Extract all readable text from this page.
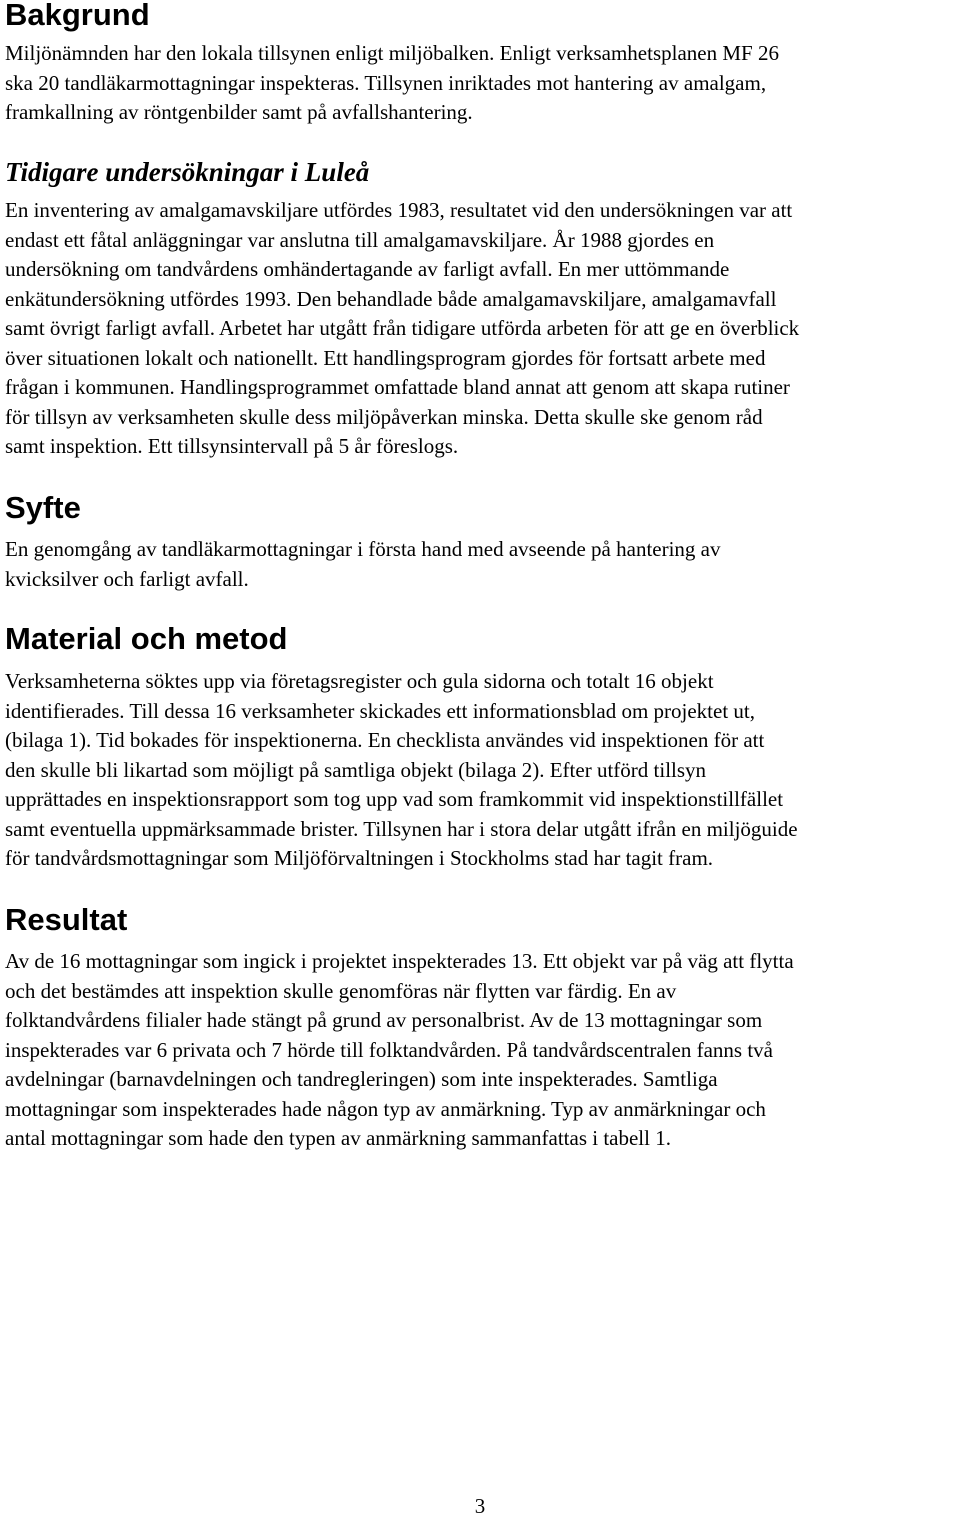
Bakgrund

Miljönämnden har den lokala tillsynen enligt miljöbalken. Enligt verksamhetsplanen MF 26
ska 20 tandläkarmottagningar inspekteras. Tillsynen inriktades mot hantering av amalgam,
framkallning av röntgenbilder samt på avfallshantering.

Tidigare undersökningar i Luleå

En inventering av amalgamavskiljare utfördes 1983, resultatet vid den undersökningen var att
endast ett fåtal anläggningar var anslutna till amalgamavskiljare. År 1988 gjordes en
undersökning om tandvårdens omhändertagande av farligt avfall. En mer uttömmande
enkätundersökning utfördes 1993. Den behandlade både amalgamavskiljare, amalgamavfall
samt övrigt farligt avfall. Arbetet har utgått från tidigare utförda arbeten för att ge en överblick
över situationen lokalt och nationellt. Ett handlingsprogram gjordes för fortsatt arbete med
frågan i kommunen. Handlingsprogrammet omfattade bland annat att genom att skapa rutiner
för tillsyn av verksamheten skulle dess miljöpåverkan minska. Detta skulle ske genom råd
samt inspektion. Ett tillsynsintervall på 5 år föreslogs.

Syfte

En genomgång av tandläkarmottagningar i första hand med avseende på hantering av
kvicksilver och farligt avfall.

Material och metod

Verksamheterna söktes upp via företagsregister och gula sidorna och totalt 16 objekt
identifierades. Till dessa 16 verksamheter skickades ett informationsblad om projektet ut,
(bilaga 1). Tid bokades för inspektionerna. En checklista användes vid inspektionen för att
den skulle bli likartad som möjligt på samtliga objekt (bilaga 2). Efter utförd tillsyn
upprättades en inspektionsrapport som tog upp vad som framkommit vid inspektionstillfället
samt eventuella uppmärksammade brister. Tillsynen har i stora delar utgått ifrån en miljöguide
för tandvårdsmottagningar som Miljöförvaltningen i Stockholms stad har tagit fram.

Resultat

Av de 16 mottagningar som ingick i projektet inspekterades 13. Ett objekt var på väg att flytta
och det bestämdes att inspektion skulle genomföras när flytten var färdig. En av
folktandvårdens filialer hade stängt på grund av personalbrist. Av de 13 mottagningar som
inspekterades var 6 privata och 7 hörde till folktandvården. På tandvårdscentralen fanns två
avdelningar (barnavdelningen och tandregleringen) som inte inspekterades. Samtliga
mottagningar som inspekterades hade någon typ av anmärkning. Typ av anmärkningar och
antal mottagningar som hade den typen av anmärkning sammanfattas i tabell 1.

3
